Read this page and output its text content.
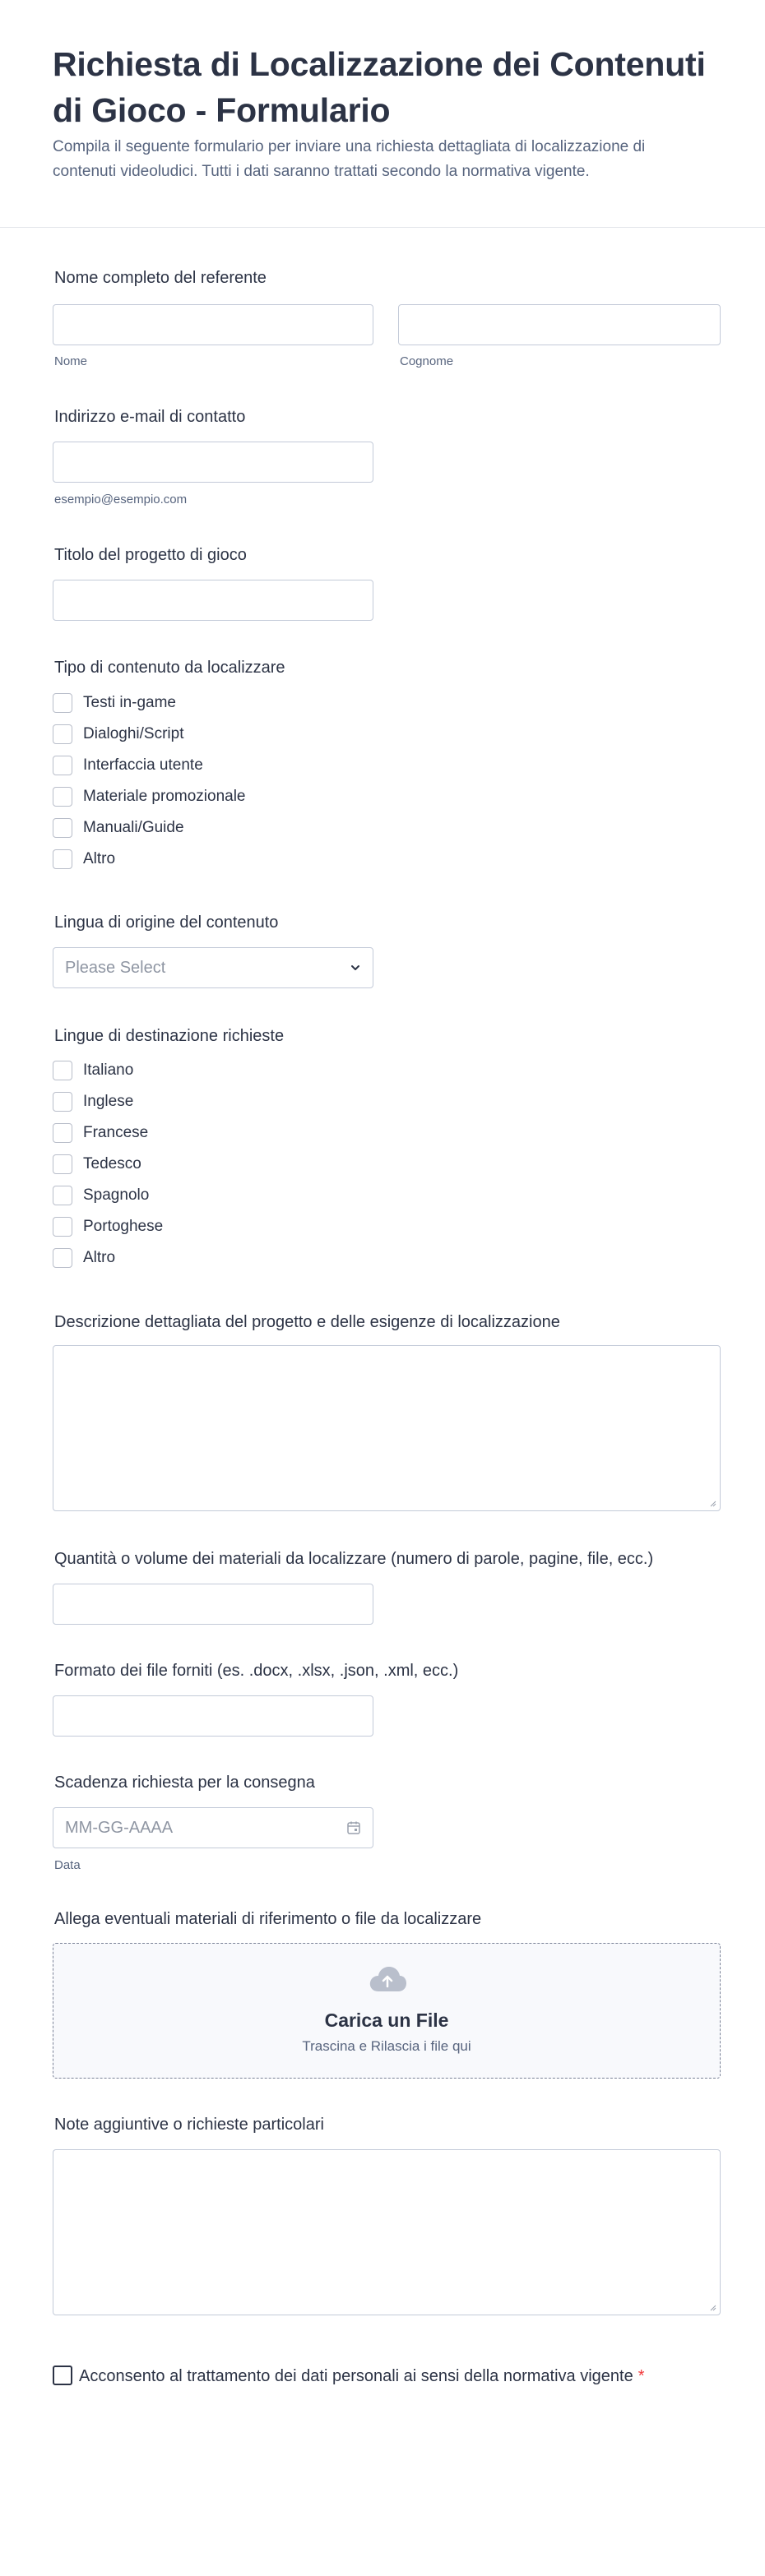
Richiesta di Localizzazione dei Contenuti di Gioco - Formulario

Compila il seguente formulario per inviare una richiesta dettagliata di localizzazione di contenuti videoludici. Tutti i dati saranno trattati secondo la normativa vigente.

Nome completo del referente
Nome	Cognome
Indirizzo e-mail di contatto
esempio@esempio.com
Titolo del progetto di gioco
Tipo di contenuto da localizzare
Testi in-game
Dialoghi/Script
Interfaccia utente
Materiale promozionale
Manuali/Guide
Altro
Lingua di origine del contenuto
Please Select
Lingue di destinazione richieste
Italiano
Inglese
Francese
Tedesco
Spagnolo
Portoghese
Altro
Descrizione dettagliata del progetto e delle esigenze di localizzazione
Quantità o volume dei materiali da localizzare (numero di parole, pagine, file, ecc.)
Formato dei file forniti (es. .docx, .xlsx, .json, .xml, ecc.)
Scadenza richiesta per la consegna
MM-GG-AAAA
Data
Allega eventuali materiali di riferimento o file da localizzare
Carica un File
Trascina e Rilascia i file qui
Note aggiuntive o richieste particolari
Acconsento al trattamento dei dati personali ai sensi della normativa vigente *
